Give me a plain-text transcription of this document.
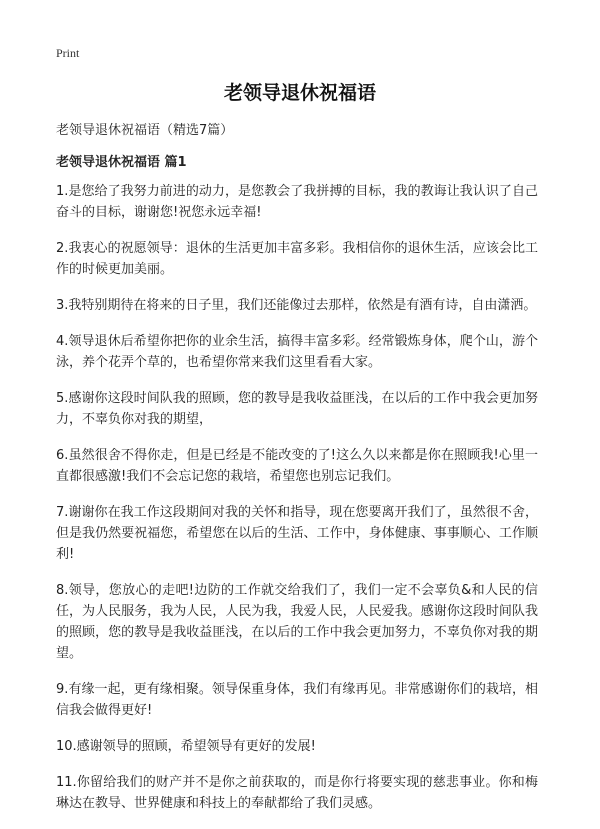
Print
老领导退休祝福语

老领导退休祝福语（精选7篇）

老领导退休祝福语 篇1

1.是您给了我努力前进的动力，是您教会了我拼搏的目标，我的教诲让我认识了自己奋斗的目标，谢谢您!祝您永远幸福!

2.我衷心的祝愿领导：退休的生活更加丰富多彩。我相信你的退休生活，应该会比工作的时候更加美丽。

3.我特别期待在将来的日子里，我们还能像过去那样，依然是有酒有诗，自由潇洒。

4.领导退休后希望你把你的业余生活，搞得丰富多彩。经常锻炼身体，爬个山，游个泳，养个花弄个草的，也希望你常来我们这里看看大家。

5.感谢你这段时间队我的照顾，您的教导是我收益匪浅，在以后的工作中我会更加努力，不辜负你对我的期望，

6.虽然很舍不得你走，但是已经是不能改变的了!这么久以来都是你在照顾我!心里一直都很感激!我们不会忘记您的栽培，希望您也别忘记我们。

7.谢谢你在我工作这段期间对我的关怀和指导，现在您要离开我们了，虽然很不舍，但是我仍然要祝福您，希望您在以后的生活、工作中，身体健康、事事顺心、工作顺利!

8.领导，您放心的走吧!边防的工作就交给我们了，我们一定不会辜负&和人民的信任，为人民服务，我为人民，人民为我，我爱人民，人民爱我。感谢你这段时间队我的照顾，您的教导是我收益匪浅，在以后的工作中我会更加努力，不辜负你对我的期望。

9.有缘一起，更有缘相聚。领导保重身体，我们有缘再见。非常感谢你们的栽培，相信我会做得更好!

10.感谢领导的照顾，希望领导有更好的发展!

11.你留给我们的财产并不是你之前获取的，而是你行将要实现的慈悲事业。你和梅琳达在教导、世界健康和科技上的奉献都给了我们灵感。
